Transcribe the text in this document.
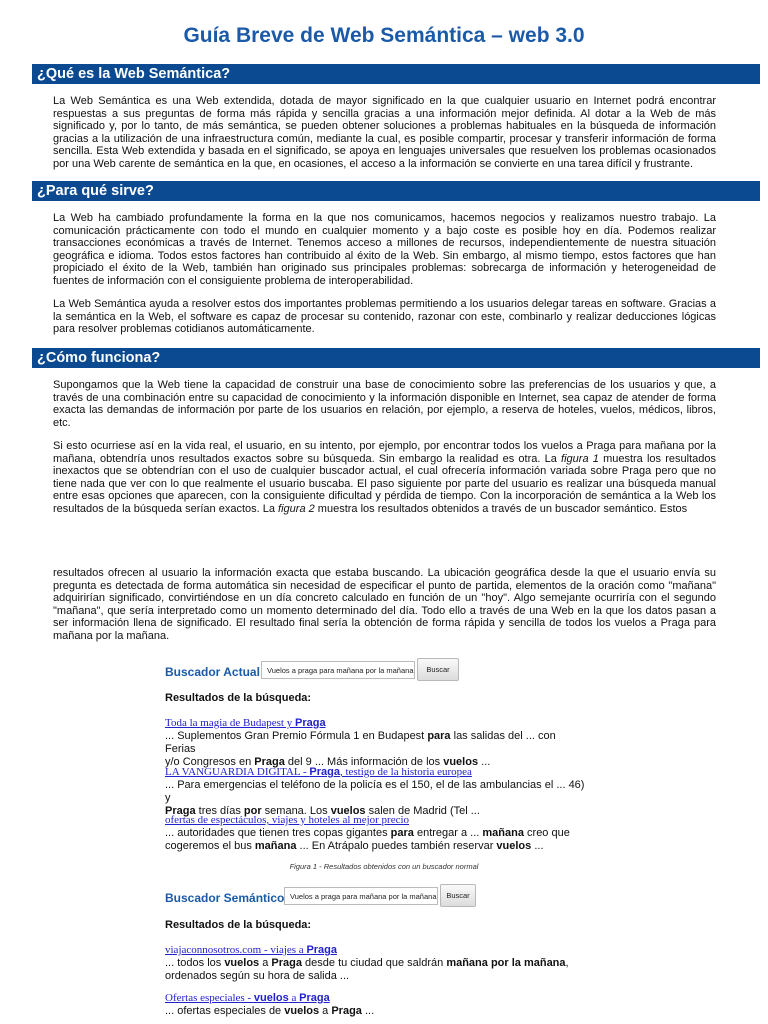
Guía Breve de Web Semántica – web 3.0
¿Qué es la Web Semántica?

La Web Semántica es una Web extendida, dotada de mayor significado en la que cualquier usuario en Internet podrá encontrar respuestas a sus preguntas de forma más rápida y sencilla gracias a una información mejor definida. Al dotar a la Web de más significado y, por lo tanto, de más semántica, se pueden obtener soluciones a problemas habituales en la búsqueda de información gracias a la utilización de una infraestructura común, mediante la cual, es posible compartir, procesar y transferir información de forma sencilla. Esta Web extendida y basada en el significado, se apoya en lenguajes universales que resuelven los problemas ocasionados por una Web carente de semántica en la que, en ocasiones, el acceso a la información se convierte en una tarea difícil y frustrante.

¿Para qué sirve?

La Web ha cambiado profundamente la forma en la que nos comunicamos, hacemos negocios y realizamos nuestro trabajo. La comunicación prácticamente con todo el mundo en cualquier momento y a bajo coste es posible hoy en día. Podemos realizar transacciones económicas a través de Internet. Tenemos acceso a millones de recursos, independientemente de nuestra situación geográfica e idioma. Todos estos factores han contribuido al éxito de la Web. Sin embargo, al mismo tiempo, estos factores que han propiciado el éxito de la Web, también han originado sus principales problemas: sobrecarga de información y heterogeneidad de fuentes de información con el consiguiente problema de interoperabilidad.

La Web Semántica ayuda a resolver estos dos importantes problemas permitiendo a los usuarios delegar tareas en software. Gracias a la semántica en la Web, el software es capaz de procesar su contenido, razonar con este, combinarlo y realizar deducciones lógicas para resolver problemas cotidianos automáticamente.

¿Cómo funciona?

Supongamos que la Web tiene la capacidad de construir una base de conocimiento sobre las preferencias de los usuarios y que, a través de una combinación entre su capacidad de conocimiento y la información disponible en Internet, sea capaz de atender de forma exacta las demandas de información por parte de los usuarios en relación, por ejemplo, a reserva de hoteles, vuelos, médicos, libros, etc.

Si esto ocurriese así en la vida real, el usuario, en su intento, por ejemplo, por encontrar todos los vuelos a Praga para mañana por la mañana, obtendría unos resultados exactos sobre su búsqueda. Sin embargo la realidad es otra. La figura 1 muestra los resultados inexactos que se obtendrían con el uso de cualquier buscador actual, el cual ofrecería información variada sobre Praga pero que no tiene nada que ver con lo que realmente el usuario buscaba. El paso siguiente por parte del usuario es realizar una búsqueda manual entre esas opciones que aparecen, con la consiguiente dificultad y pérdida de tiempo. Con la incorporación de semántica a la Web los resultados de la búsqueda serían exactos. La figura 2 muestra los resultados obtenidos a través de un buscador semántico. Estos

resultados ofrecen al usuario la información exacta que estaba buscando. La ubicación geográfica desde la que el usuario envía su pregunta es detectada de forma automática sin necesidad de especificar el punto de partida, elementos de la oración como "mañana" adquirirían significado, convirtiéndose en un día concreto calculado en función de un "hoy". Algo semejante ocurriría con el segundo "mañana", que sería interpretado como un momento determinado del día. Todo ello a través de una Web en la que los datos pasan a ser información llena de significado. El resultado final sería la obtención de forma rápida y sencilla de todos los vuelos a Praga para mañana por la mañana.

Buscador Actual Vuelos a praga para mañana por la mañana	Buscar
Resultados de la búsqueda:
Toda la magia de Budapest y Praga
... Suplementos Gran Premio Fórmula 1 en Budapest para las salidas del ... con Ferias
y/o Congresos en Praga del 9 ... Más información de los vuelos ...
LA VANGUARDIA DIGITAL - Praga, testigo de la historia europea
... Para emergencias el teléfono de la policía es el 150, el de las ambulancias el ... 46) y
Praga tres días por semana. Los vuelos salen de Madrid (Tel ...
ofertas de espectáculos, viajes y hoteles al mejor precio
... autoridades que tienen tres copas gigantes para entregar a ... mañana creo que
cogeremos el bus mañana ... En Atrápalo puedes también reservar vuelos ...
Figura 1 - Resultados obtenidos con un buscador normal
Buscador Semántico Vuelos a praga para mañana por la mañana	Buscar
Resultados de la búsqueda:
viajaconnosotros.com - viajes a Praga
... todos los vuelos a Praga desde tu ciudad que saldrán mañana por la mañana,
ordenados según su hora de salida ...
Ofertas especiales - vuelos a Praga
... ofertas especiales de vuelos a Praga ...
